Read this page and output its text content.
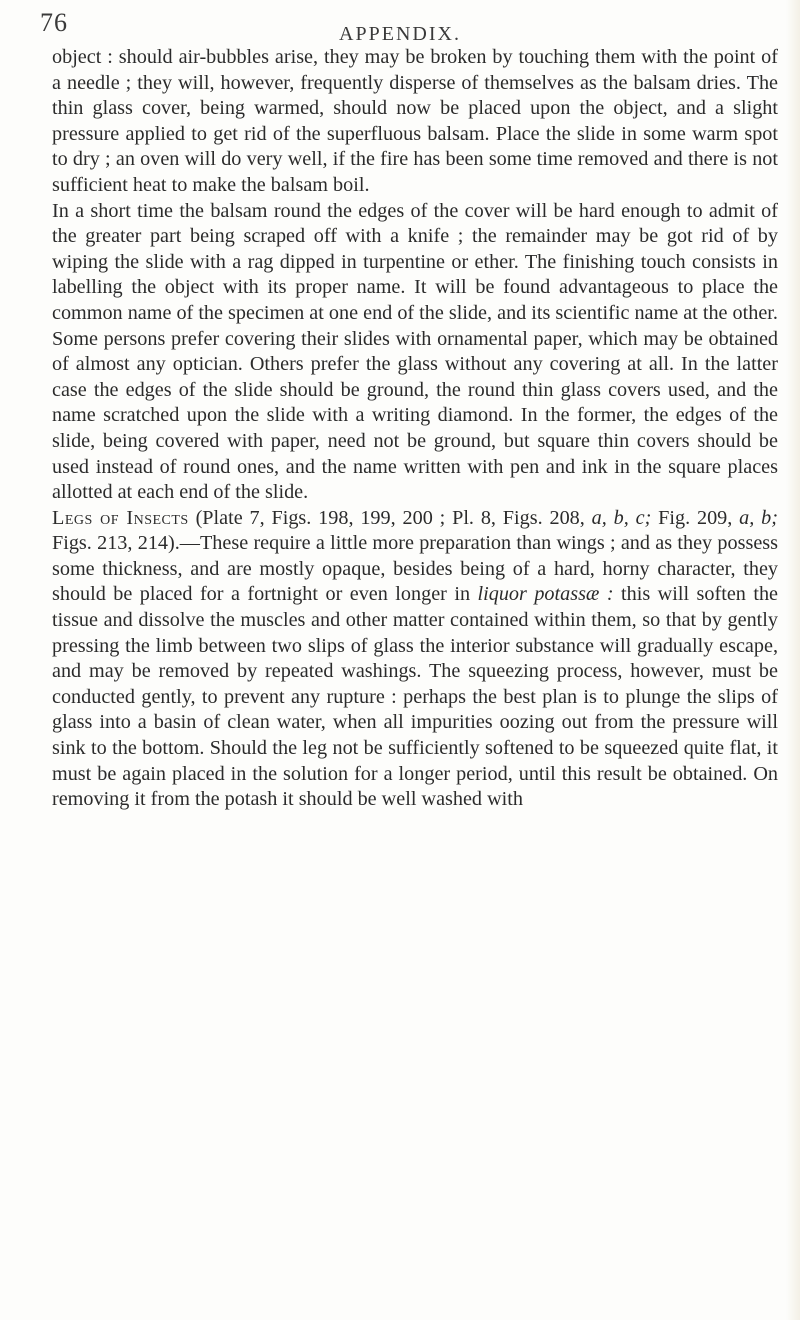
76	APPENDIX.

object : should air-bubbles arise, they may be broken by touching them with the point of a needle ; they will, however, frequently disperse of themselves as the balsam dries. The thin glass cover, being warmed, should now be placed upon the object, and a slight pressure applied to get rid of the superfluous balsam. Place the slide in some warm spot to dry ; an oven will do very well, if the fire has been some time removed and there is not sufficient heat to make the balsam boil.

In a short time the balsam round the edges of the cover will be hard enough to admit of the greater part being scraped off with a knife ; the remainder may be got rid of by wiping the slide with a rag dipped in turpentine or ether. The finishing touch consists in labelling the object with its proper name. It will be found advantageous to place the common name of the specimen at one end of the slide, and its scientific name at the other.

Some persons prefer covering their slides with ornamental paper, which may be obtained of almost any optician. Others prefer the glass without any covering at all. In the latter case the edges of the slide should be ground, the round thin glass covers used, and the name scratched upon the slide with a writing diamond. In the former, the edges of the slide, being covered with paper, need not be ground, but square thin covers should be used instead of round ones, and the name written with pen and ink in the square places allotted at each end of the slide.

Legs of Insects (Plate 7, Figs. 198, 199, 200 ; Pl. 8, Figs. 208, a, b, c; Fig. 209, a, b; Figs. 213, 214).—These require a little more preparation than wings ; and as they possess some thickness, and are mostly opaque, besides being of a hard, horny character, they should be placed for a fortnight or even longer in liquor potassæ : this will soften the tissue and dissolve the muscles and other matter contained within them, so that by gently pressing the limb between two slips of glass the interior substance will gradually escape, and may be removed by repeated washings. The squeezing process, however, must be conducted gently, to prevent any rupture : perhaps the best plan is to plunge the slips of glass into a basin of clean water, when all impurities oozing out from the pressure will sink to the bottom. Should the leg not be sufficiently softened to be squeezed quite flat, it must be again placed in the solution for a longer period, until this result be obtained. On removing it from the potash it should be well washed with
